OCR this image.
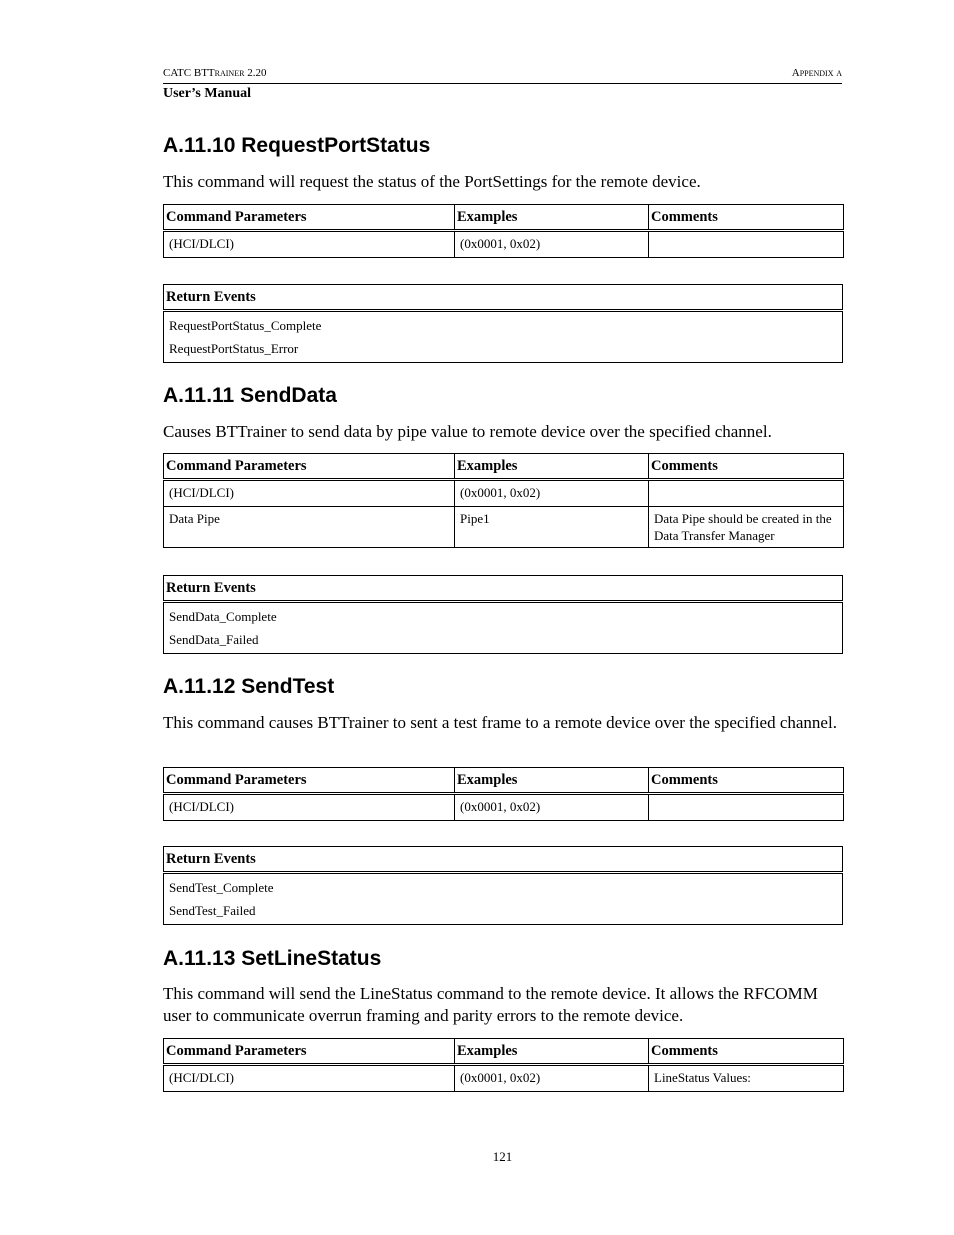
CATC BTTRAINER 2.20	APPENDIX A
User’s Manual
A.11.10 RequestPortStatus

This command will request the status of the PortSettings for the remote device.

Command Parameters	Examples	Comments
(HCI/DLCI)	(0x0001, 0x02)	
Return Events

RequestPortStatus_Complete
RequestPortStatus_Error
A.11.11 SendData

Causes BTTrainer to send data by pipe value to remote device over the specified channel.

Command Parameters	Examples	Comments
(HCI/DLCI)	(0x0001, 0x02)	
Data Pipe	Pipe1	Data Pipe should be created in the Data Transfer Manager
Return Events

SendData_Complete
SendData_Failed
A.11.12 SendTest

This command causes BTTrainer to sent a test frame to a remote device over the specified channel.

Command Parameters	Examples	Comments
(HCI/DLCI)	(0x0001, 0x02)	
Return Events

SendTest_Complete
SendTest_Failed
A.11.13 SetLineStatus

This command will send the LineStatus command to the remote device. It allows the RFCOMM user to communicate overrun framing and parity errors to the remote device.

Command Parameters	Examples	Comments
(HCI/DLCI)	(0x0001, 0x02)	LineStatus Values:
121
